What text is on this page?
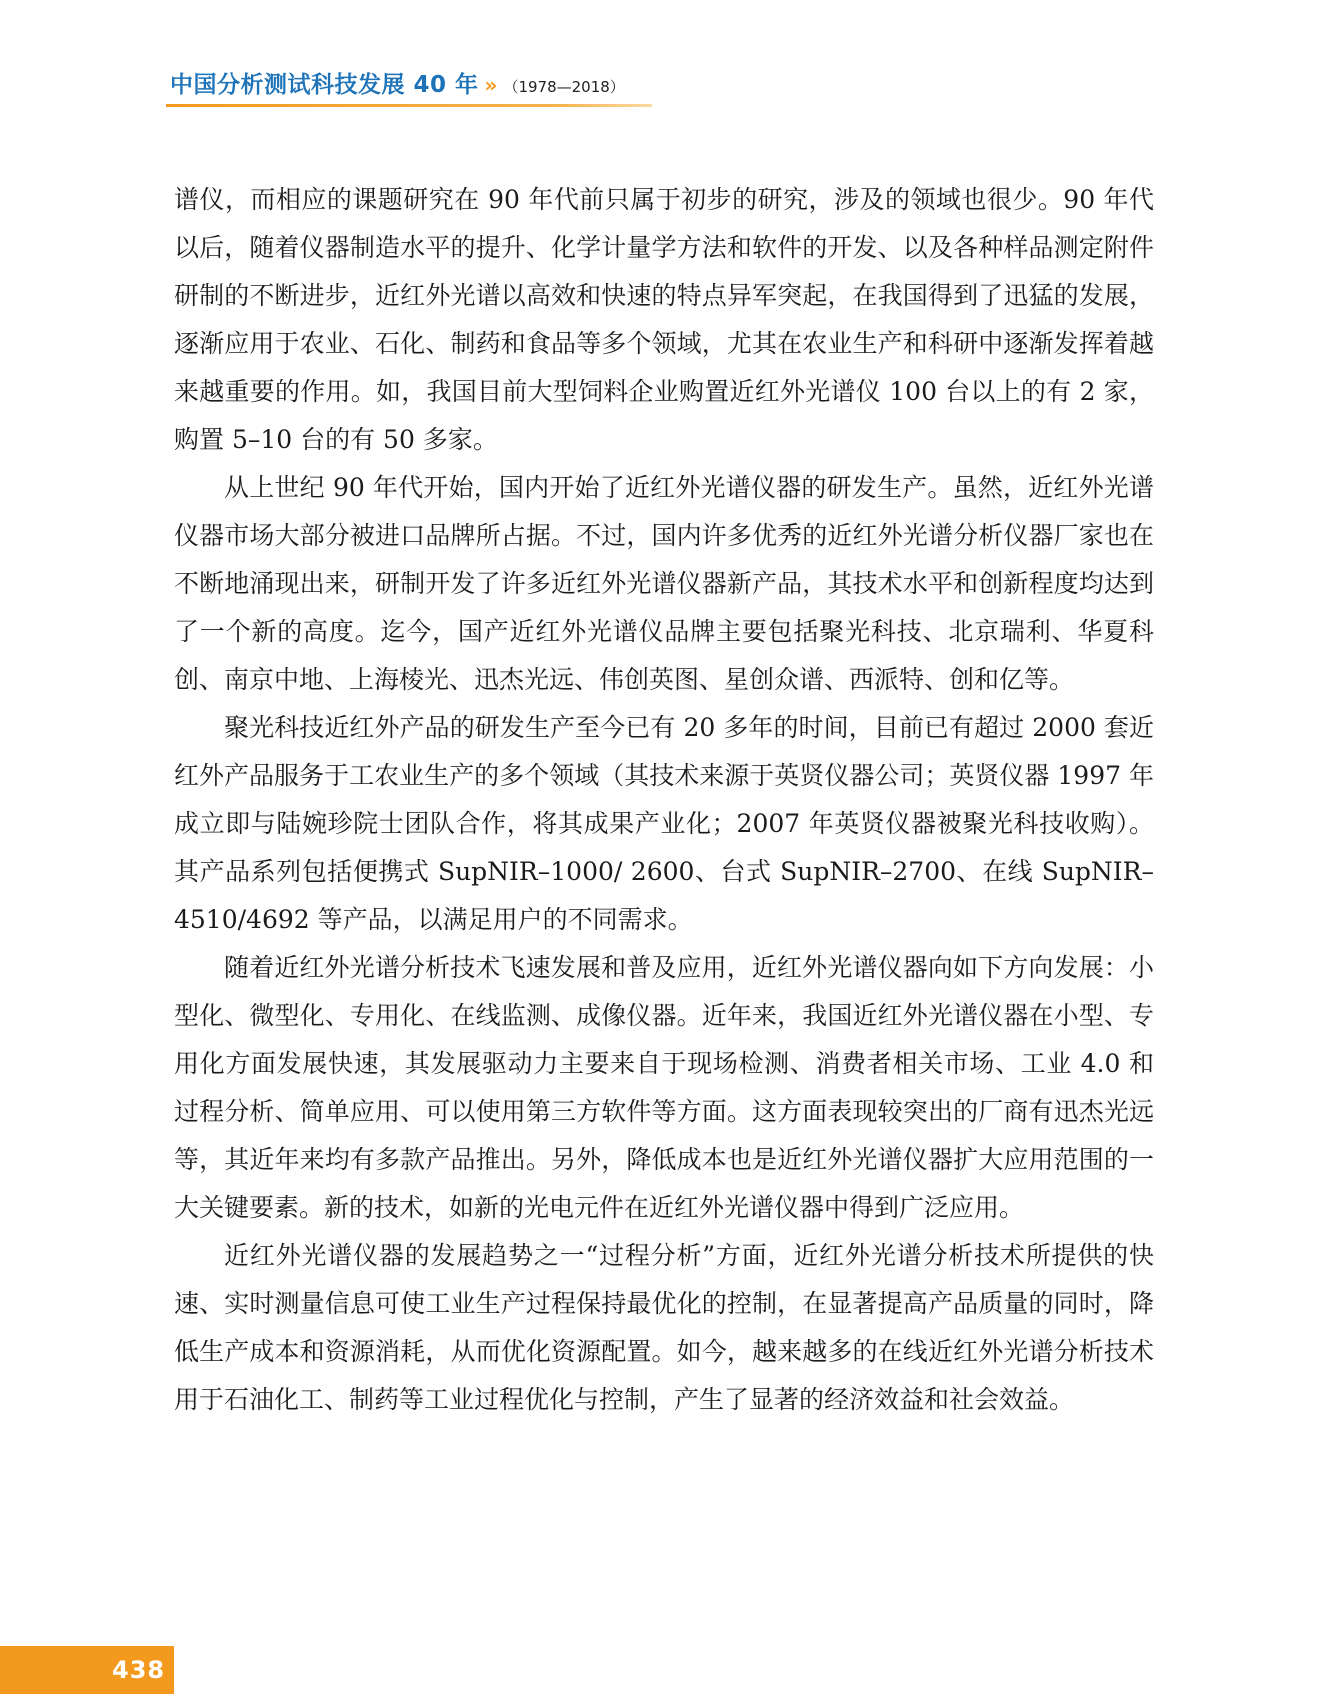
中国分析测试科技发展 40 年 » （1978—2018）

谱仪，而相应的课题研究在 90 年代前只属于初步的研究，涉及的领域也很少。90 年代以后，随着仪器制造水平的提升、化学计量学方法和软件的开发、以及各种样品测定附件研制的不断进步，近红外光谱以高效和快速的特点异军突起，在我国得到了迅猛的发展，逐渐应用于农业、石化、制药和食品等多个领域，尤其在农业生产和科研中逐渐发挥着越来越重要的作用。如，我国目前大型饲料企业购置近红外光谱仪 100 台以上的有 2 家，购置 5–10 台的有 50 多家。

从上世纪 90 年代开始，国内开始了近红外光谱仪器的研发生产。虽然，近红外光谱仪器市场大部分被进口品牌所占据。不过，国内许多优秀的近红外光谱分析仪器厂家也在不断地涌现出来，研制开发了许多近红外光谱仪器新产品，其技术水平和创新程度均达到了一个新的高度。迄今，国产近红外光谱仪品牌主要包括聚光科技、北京瑞利、华夏科创、南京中地、上海棱光、迅杰光远、伟创英图、星创众谱、西派特、创和亿等。

聚光科技近红外产品的研发生产至今已有 20 多年的时间，目前已有超过 2000 套近红外产品服务于工农业生产的多个领域（其技术来源于英贤仪器公司；英贤仪器 1997 年成立即与陆婉珍院士团队合作，将其成果产业化；2007 年英贤仪器被聚光科技收购）。其产品系列包括便携式 SupNIR–1000/ 2600、台式 SupNIR–2700、在线 SupNIR–4510/4692 等产品，以满足用户的不同需求。

随着近红外光谱分析技术飞速发展和普及应用，近红外光谱仪器向如下方向发展：小型化、微型化、专用化、在线监测、成像仪器。近年来，我国近红外光谱仪器在小型、专用化方面发展快速，其发展驱动力主要来自于现场检测、消费者相关市场、工业 4.0 和过程分析、简单应用、可以使用第三方软件等方面。这方面表现较突出的厂商有迅杰光远等，其近年来均有多款产品推出。另外，降低成本也是近红外光谱仪器扩大应用范围的一大关键要素。新的技术，如新的光电元件在近红外光谱仪器中得到广泛应用。

近红外光谱仪器的发展趋势之一“过程分析”方面，近红外光谱分析技术所提供的快速、实时测量信息可使工业生产过程保持最优化的控制，在显著提高产品质量的同时，降低生产成本和资源消耗，从而优化资源配置。如今，越来越多的在线近红外光谱分析技术用于石油化工、制药等工业过程优化与控制，产生了显著的经济效益和社会效益。

438
